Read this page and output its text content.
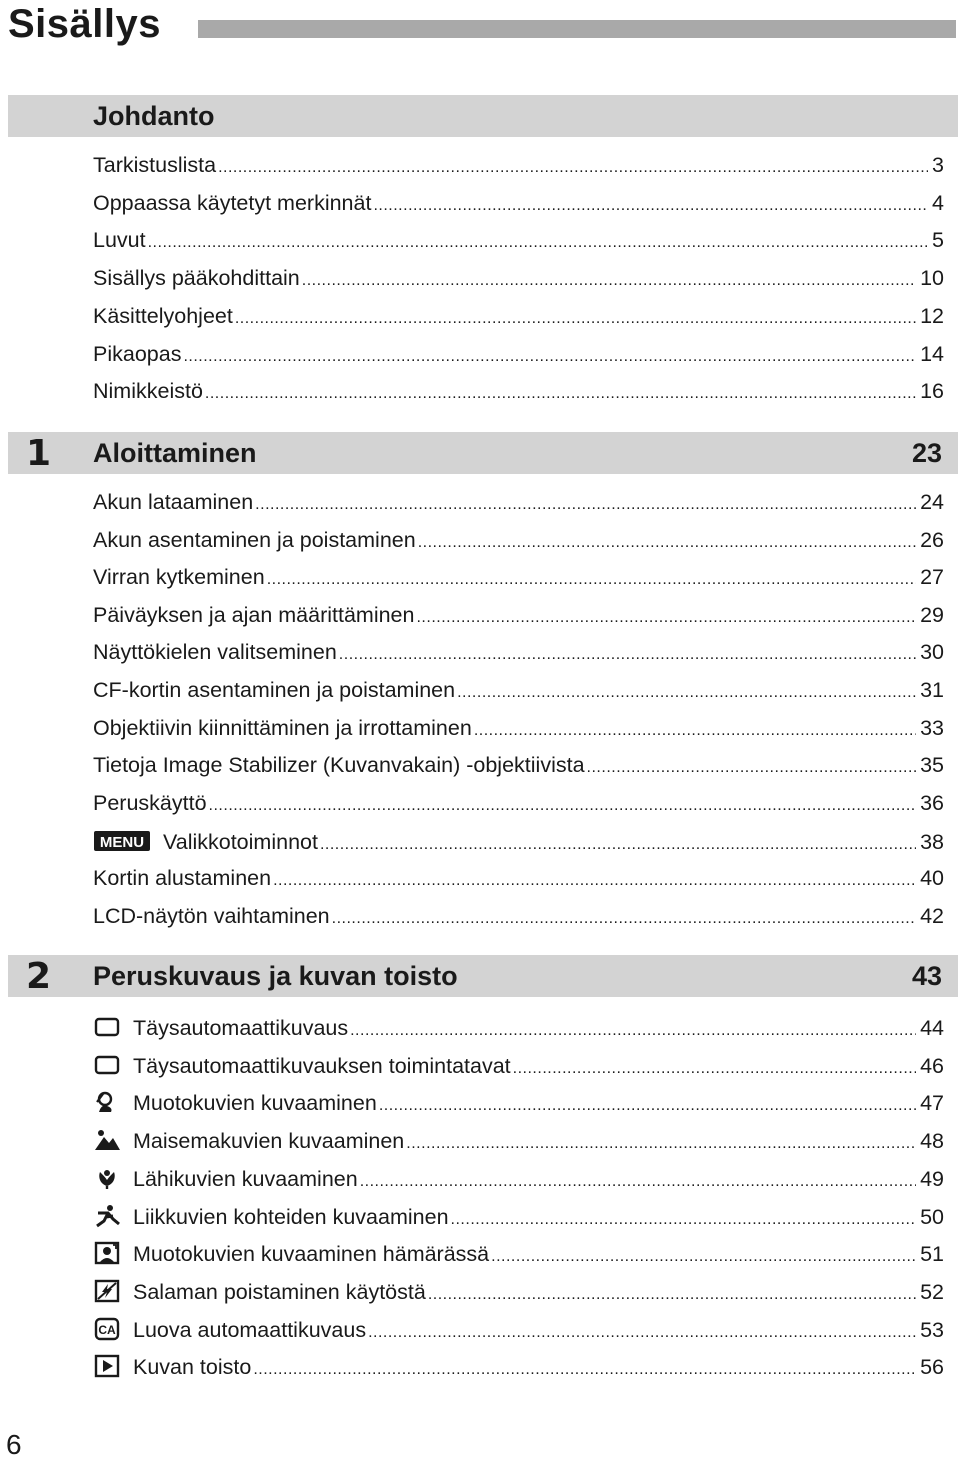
Sisällys
Johdanto
Tarkistuslista .....	3
Oppaassa käytetyt merkinnät .....	4
Luvut .....	5
Sisällys pääkohdittain .....	10
Käsittelyohjeet .....	12
Pikaopas .....	14
Nimikkeistö .....	16
1 Aloittaminen	23
Akun lataaminen .....	24
Akun asentaminen ja poistaminen .....	26
Virran kytkeminen .....	27
Päiväyksen ja ajan määrittäminen .....	29
Näyttökielen valitseminen .....	30
CF-kortin asentaminen ja poistaminen .....	31
Objektiivin kiinnittäminen ja irrottaminen .....	33
Tietoja Image Stabilizer (Kuvanvakain) -objektiivista .....	35
Peruskäyttö .....	36
MENU Valikkotoiminnot .....	38
Kortin alustaminen .....	40
LCD-näytön vaihtaminen .....	42
2 Peruskuvaus ja kuvan toisto	43
Täysautomaattikuvaus .....	44
Täysautomaattikuvauksen toimintatavat .....	46
Muotokuvien kuvaaminen .....	47
Maisemakuvien kuvaaminen .....	48
Lähikuvien kuvaaminen .....	49
Liikkuvien kohteiden kuvaaminen .....	50
Muotokuvien kuvaaminen hämärässä .....	51
Salaman poistaminen käytöstä .....	52
CA Luova automaattikuvaus .....	53
Kuvan toisto .....	56
6
